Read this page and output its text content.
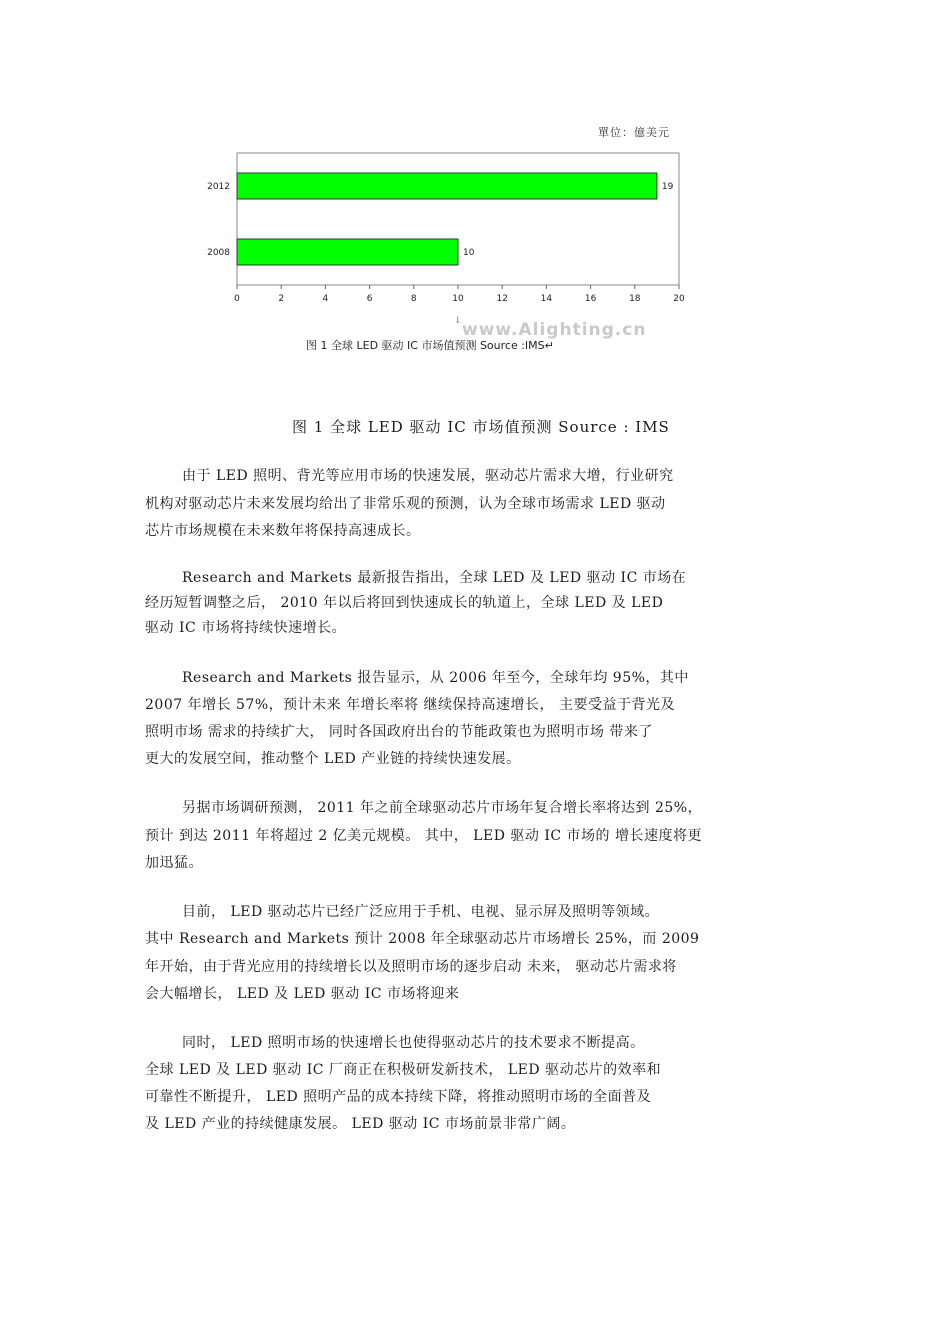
0	2	4	6	8	10	12	14	16	18	20
2012	19
2008	10
單位：億美元
↓ www.Alighting.cn
图 1 全球 LED 驱动 IC 市场值预测 Source :IMS↵
图 1 全球 LED 驱动 IC 市场值预测 Source : IMS
由于 LED 照明、背光等应用市场的快速发展，驱动芯片需求大增，行业研究
机构对驱动芯片未来发展均给出了非常乐观的预测，认为全球市场需求 LED 驱动
芯片市场规模在未来数年将保持高速成长。
Research and Markets 最新报告指出，全球 LED 及 LED 驱动 IC 市场在
经历短暂调整之后， 2010 年以后将回到快速成长的轨道上，全球 LED 及 LED
驱动 IC 市场将持续快速增长。
Research and Markets 报告显示，从 2006 年至今，全球年均 95%，其中
2007 年增长 57%，预计未来 年增长率将 继续保持高速增长， 主要受益于背光及
照明市场 需求的持续扩大， 同时各国政府出台的节能政策也为照明市场 带来了
更大的发展空间，推动整个 LED 产业链的持续快速发展。
另据市场调研预测， 2011 年之前全球驱动芯片市场年复合增长率将达到 25%，
预计 到达 2011 年将超过 2 亿美元规模。 其中， LED 驱动 IC 市场的 增长速度将更
加迅猛。
目前， LED 驱动芯片已经广泛应用于手机、电视、显示屏及照明等领域。
其中 Research and Markets 预计 2008 年全球驱动芯片市场增长 25%，而 2009
年开始，由于背光应用的持续增长以及照明市场的逐步启动 未来， 驱动芯片需求将
会大幅增长， LED 及 LED 驱动 IC 市场将迎来
同时， LED 照明市场的快速增长也使得驱动芯片的技术要求不断提高。
全球 LED 及 LED 驱动 IC 厂商正在积极研发新技术， LED 驱动芯片的效率和
可靠性不断提升， LED 照明产品的成本持续下降，将推动照明市场的全面普及
及 LED 产业的持续健康发展。 LED 驱动 IC 市场前景非常广阔。
